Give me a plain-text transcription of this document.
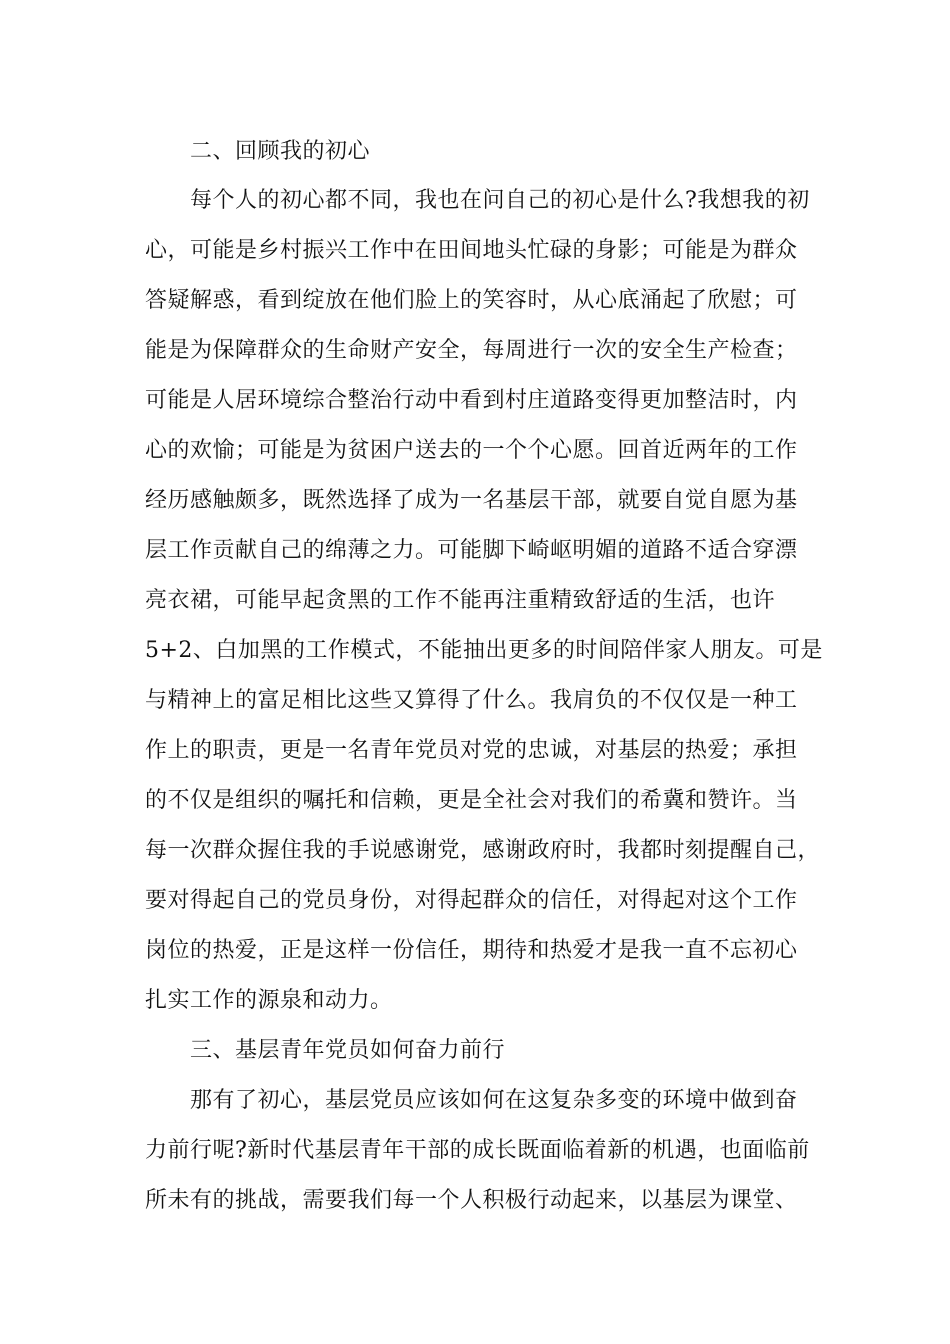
二、回顾我的初心
每个人的初心都不同，我也在问自己的初心是什么?我想我的初
心，可能是乡村振兴工作中在田间地头忙碌的身影；可能是为群众
答疑解惑，看到绽放在他们脸上的笑容时，从心底涌起了欣慰；可
能是为保障群众的生命财产安全，每周进行一次的安全生产检查；
可能是人居环境综合整治行动中看到村庄道路变得更加整洁时，内
心的欢愉；可能是为贫困户送去的一个个心愿。回首近两年的工作
经历感触颇多，既然选择了成为一名基层干部，就要自觉自愿为基
层工作贡献自己的绵薄之力。可能脚下崎岖明媚的道路不适合穿漂
亮衣裙，可能早起贪黑的工作不能再注重精致舒适的生活，也许
5+2、白加黑的工作模式，不能抽出更多的时间陪伴家人朋友。可是
与精神上的富足相比这些又算得了什么。我肩负的不仅仅是一种工
作上的职责，更是一名青年党员对党的忠诚，对基层的热爱；承担
的不仅是组织的嘱托和信赖，更是全社会对我们的希冀和赞许。当
每一次群众握住我的手说感谢党，感谢政府时，我都时刻提醒自己，
要对得起自己的党员身份，对得起群众的信任，对得起对这个工作
岗位的热爱，正是这样一份信任，期待和热爱才是我一直不忘初心
扎实工作的源泉和动力。
三、基层青年党员如何奋力前行
那有了初心，基层党员应该如何在这复杂多变的环境中做到奋
力前行呢?新时代基层青年干部的成长既面临着新的机遇，也面临前
所未有的挑战，需要我们每一个人积极行动起来，以基层为课堂、
